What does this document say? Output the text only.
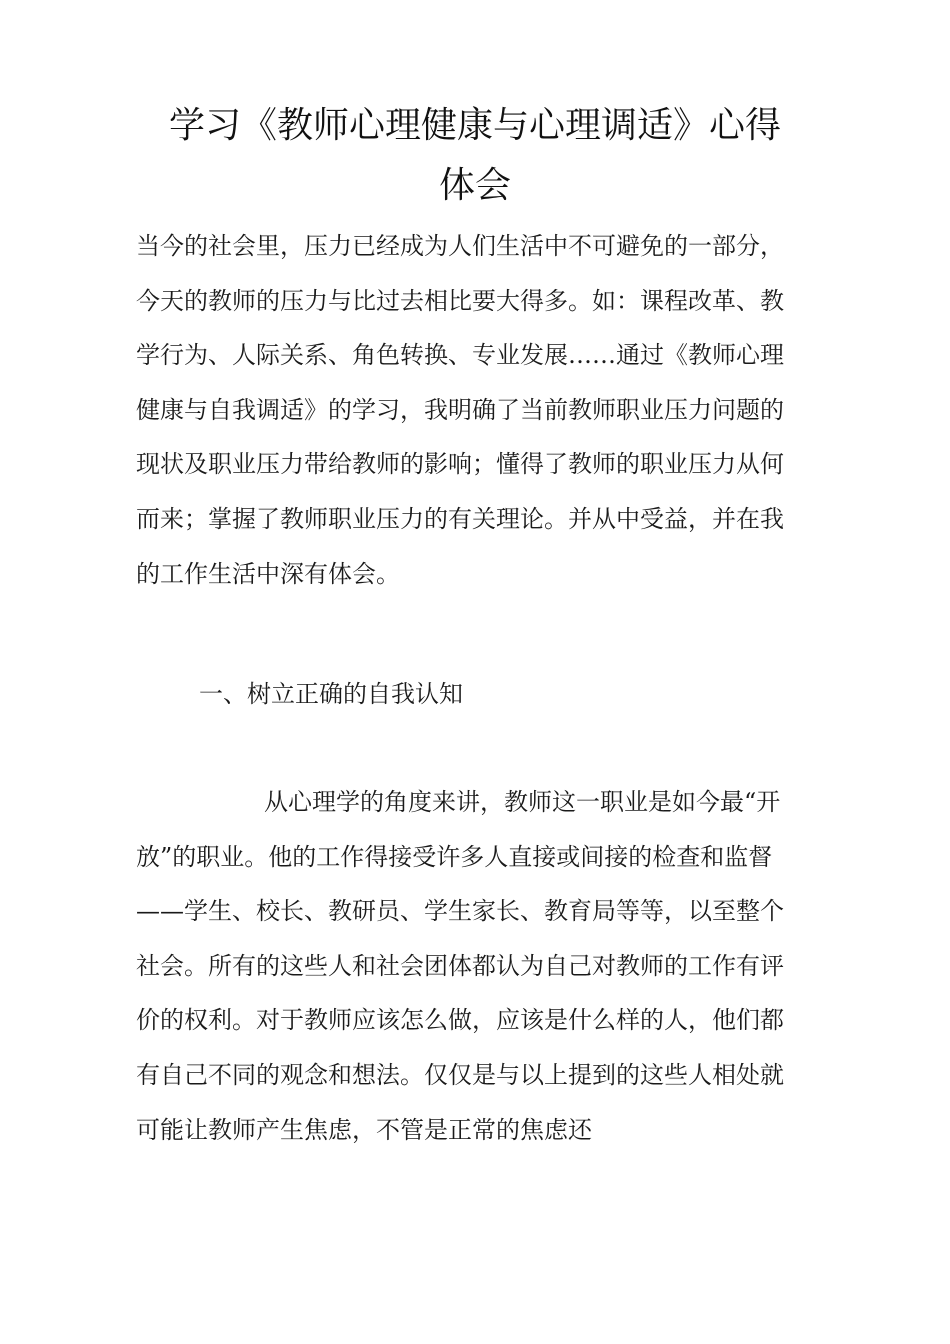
学习《教师心理健康与心理调适》心得
体会
当今的社会里，压力已经成为人们生活中不可避免的一部分，
今天的教师的压力与比过去相比要大得多。如：课程改革、教
学行为、人际关系、角色转换、专业发展……通过《教师心理
健康与自我调适》的学习，我明确了当前教师职业压力问题的
现状及职业压力带给教师的影响；懂得了教师的职业压力从何
而来；掌握了教师职业压力的有关理论。并从中受益，并在我
的工作生活中深有体会。
一、树立正确的自我认知
从心理学的角度来讲，教师这一职业是如今最“开
放”的职业。他的工作得接受许多人直接或间接的检查和监督
——学生、校长、教研员、学生家长、教育局等等，以至整个
社会。所有的这些人和社会团体都认为自己对教师的工作有评
价的权利。对于教师应该怎么做，应该是什么样的人，他们都
有自己不同的观念和想法。仅仅是与以上提到的这些人相处就
可能让教师产生焦虑，不管是正常的焦虑还
